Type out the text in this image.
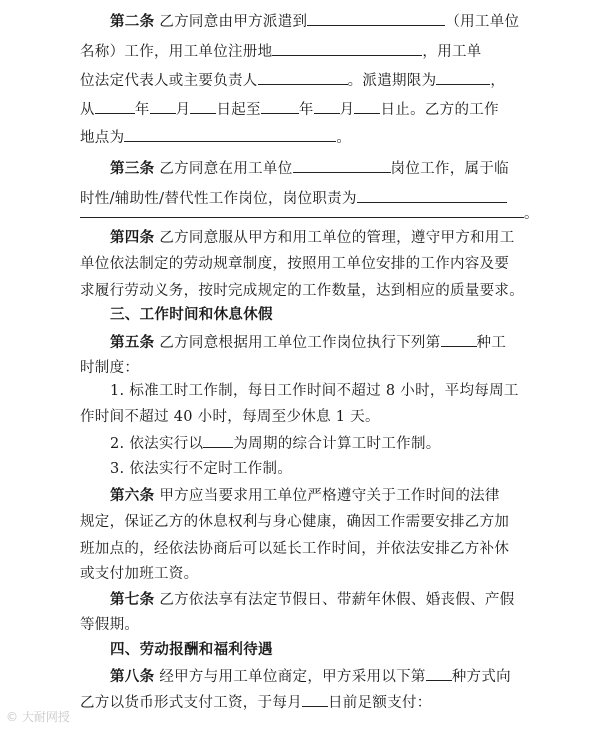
第二条 乙方同意由甲方派遣到	（用工单位
名称）工作，用工单位注册地	，用工单
位法定代表人或主要负责人	。派遣期限为	，
从	年 月 日起至	年 月 日止。乙方的工作
地点为	。
第三条 乙方同意在用工单位	岗位工作，属于临
时性/辅助性/替代性工作岗位，岗位职责为
。
第四条 乙方同意服从甲方和用工单位的管理，遵守甲方和用工
单位依法制定的劳动规章制度，按照用工单位安排的工作内容及要
求履行劳动义务，按时完成规定的工作数量，达到相应的质量要求。
三、工作时间和休息休假
第五条 乙方同意根据用工单位工作岗位执行下列第 种工
时制度：
1. 标准工时工作制，每日工作时间不超过 8 小时，平均每周工
作时间不超过 40 小时，每周至少休息 1 天。
2. 依法实行以 为周期的综合计算工时工作制。
3. 依法实行不定时工作制。
第六条 甲方应当要求用工单位严格遵守关于工作时间的法律
规定，保证乙方的休息权利与身心健康，确因工作需要安排乙方加
班加点的，经依法协商后可以延长工作时间，并依法安排乙方补休
或支付加班工资。
第七条 乙方依法享有法定节假日、带薪年休假、婚丧假、产假
等假期。
四、劳动报酬和福利待遇
第八条 经甲方与用工单位商定，甲方采用以下第 种方式向
乙方以货币形式支付工资，于每月 日前足额支付：
© 大耐网授
